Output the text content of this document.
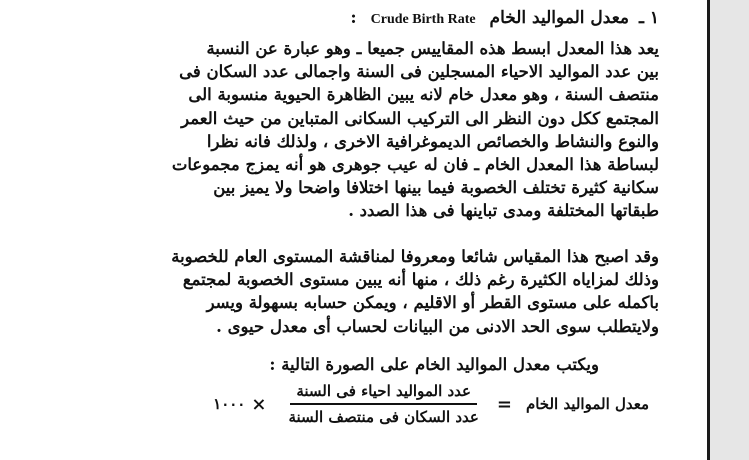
١ ـ معدل المواليد الخام Crude Birth Rate :
يعد هذا المعدل ابسط هذه المقاييس جميعا ـ وهو عبارة عن النسبة
بين عدد المواليد الاحياء المسجلين فى السنة واجمالى عدد السكان فى
منتصف السنة ، وهو معدل خام لانه يبين الظاهرة الحيوية منسوبة الى
المجتمع ككل دون النظر الى التركيب السكانى المتباين من حيث العمر
والنوع والنشاط والخصائص الديموغرافية الاخرى ، ولذلك فانه نظرا
لبساطة هذا المعدل الخام ـ فان له عيب جوهرى هو أنه يمزج مجموعات
سكانية كثيرة تختلف الخصوبة فيما بينها اختلافا واضحا ولا يميز بين
طبقاتها المختلفة ومدى تباينها فى هذا الصدد .
وقد اصبح هذا المقياس شائعا ومعروفا لمناقشة المستوى العام للخصوبة
وذلك لمزاياه الكثيرة رغم ذلك ، منها أنه يبين مستوى الخصوبة لمجتمع
باكمله على مستوى القطر أو الاقليم ، ويمكن حسابه بسهولة ويسر
ولايتطلب سوى الحد الادنى من البيانات لحساب أى معدل حيوى .
ويكتب معدل المواليد الخام على الصورة التالية :
معدل المواليد الخام
=
$\frac{\text{عدد المواليد احياء فى السنة}}{\text{عدد السكان فى منتصف السنة}}$
×
١٠٠٠
